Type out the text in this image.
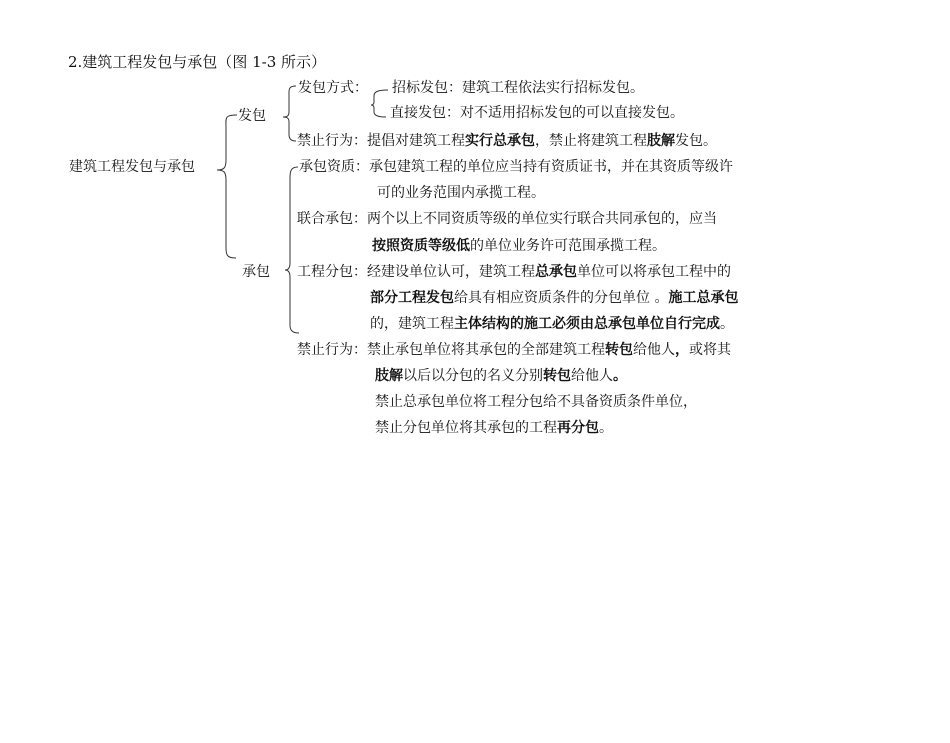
2.建筑工程发包与承包（图 1-3 所示）
建筑工程发包与承包
发包
发包方式： 招标发包：建筑工程依法实行招标发包。
直接发包：对不适用招标发包的可以直接发包。
禁止行为：提倡对建筑工程实行总承包，禁止将建筑工程肢解发包。
承包
承包资质：承包建筑工程的单位应当持有资质证书，并在其资质等级许
可的业务范围内承揽工程。
联合承包：两个以上不同资质等级的单位实行联合共同承包的，应当
按照资质等级低的单位业务许可范围承揽工程。
工程分包：经建设单位认可，建筑工程总承包单位可以将承包工程中的
部分工程发包给具有相应资质条件的分包单位 。施工总承包
的，建筑工程主体结构的施工必须由总承包单位自行完成。
禁止行为：禁止承包单位将其承包的全部建筑工程转包给他人，或将其
肢解以后以分包的名义分别转包给他人。
禁止总承包单位将工程分包给不具备资质条件单位，
禁止分包单位将其承包的工程再分包。
